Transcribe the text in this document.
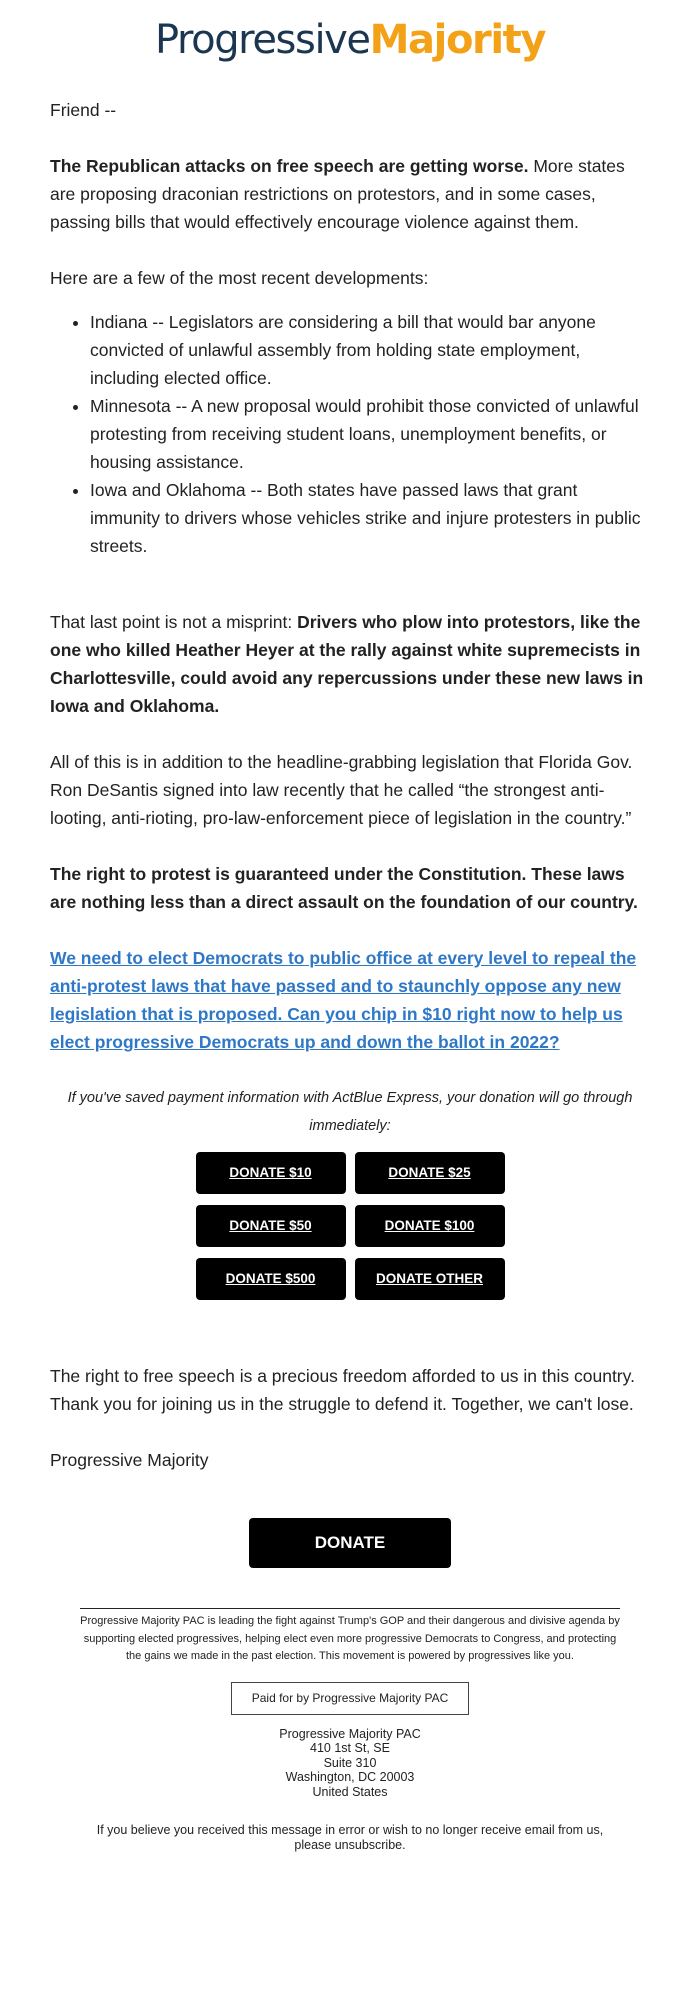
ProgressiveMajority

Friend --

The Republican attacks on free speech are getting worse. More states are proposing draconian restrictions on protestors, and in some cases, passing bills that would effectively encourage violence against them.

Here are a few of the most recent developments:

• Indiana -- Legislators are considering a bill that would bar anyone convicted of unlawful assembly from holding state employment, including elected office.
• Minnesota -- A new proposal would prohibit those convicted of unlawful protesting from receiving student loans, unemployment benefits, or housing assistance.
• Iowa and Oklahoma -- Both states have passed laws that grant immunity to drivers whose vehicles strike and injure protesters in public streets.

That last point is not a misprint: Drivers who plow into protestors, like the one who killed Heather Heyer at the rally against white supremecists in Charlottesville, could avoid any repercussions under these new laws in Iowa and Oklahoma.

All of this is in addition to the headline-grabbing legislation that Florida Gov. Ron DeSantis signed into law recently that he called “the strongest anti-looting, anti-rioting, pro-law-enforcement piece of legislation in the country.”

The right to protest is guaranteed under the Constitution. These laws are nothing less than a direct assault on the foundation of our country.

We need to elect Democrats to public office at every level to repeal the anti-protest laws that have passed and to staunchly oppose any new legislation that is proposed. Can you chip in $10 right now to help us elect progressive Democrats up and down the ballot in 2022?

If you've saved payment information with ActBlue Express, your donation will go through immediately:

DONATE $10	DONATE $25
DONATE $50	DONATE $100
DONATE $500	DONATE OTHER

The right to free speech is a precious freedom afforded to us in this country. Thank you for joining us in the struggle to defend it. Together, we can't lose.

Progressive Majority

DONATE
Progressive Majority PAC is leading the fight against Trump's GOP and their dangerous and divisive agenda by supporting elected progressives, helping elect even more progressive Democrats to Congress, and protecting the gains we made in the past election. This movement is powered by progressives like you.
Paid for by Progressive Majority PAC
Progressive Majority PAC
410 1st St, SE
Suite 310
Washington, DC 20003
United States
If you believe you received this message in error or wish to no longer receive email from us, please unsubscribe.
